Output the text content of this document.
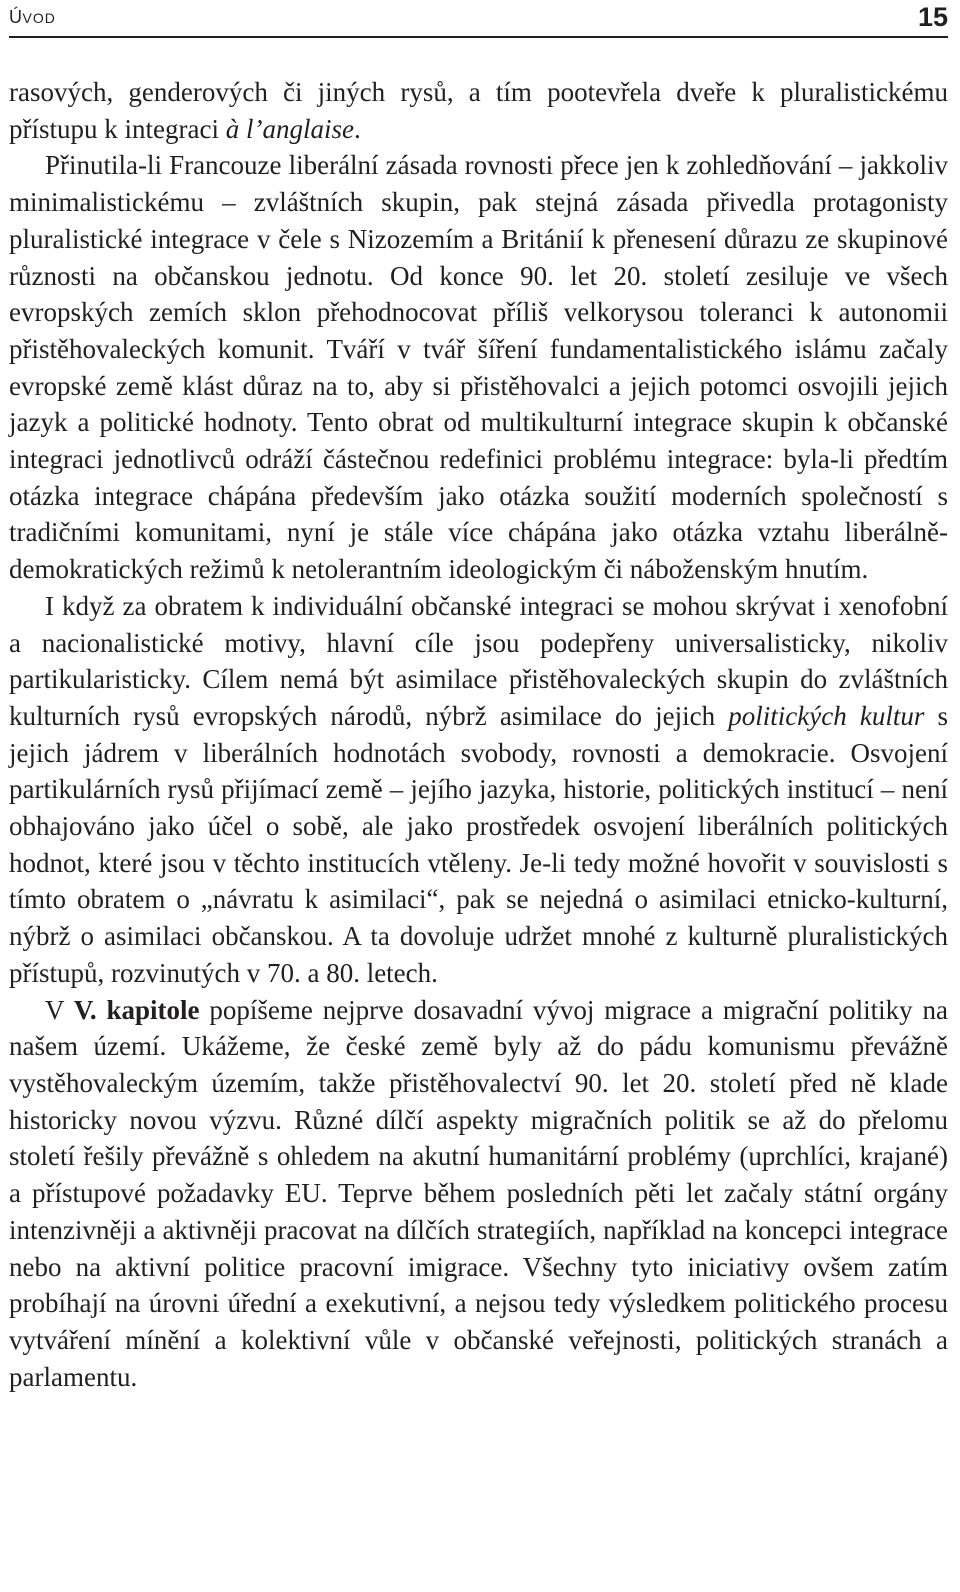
ÚVOD	15

rasových, genderových či jiných rysů, a tím pootevřela dveře k pluralistickému přístupu k integraci à l’anglaise.

Přinutila-li Francouze liberální zásada rovnosti přece jen k zohledňování – jakkoliv minimalistickému – zvláštních skupin, pak stejná zásada přivedla protagonisty pluralistické integrace v čele s Nizozemím a Británií k přenesení důrazu ze skupinové různosti na občanskou jednotu. Od konce 90. let 20. století zesiluje ve všech evropských zemích sklon přehodnocovat příliš velkorysou toleranci k autonomii přistěhovaleckých komunit. Tváří v tvář šíření fundamentalistického islámu začaly evropské země klást důraz na to, aby si přistěhovalci a jejich potomci osvojili jejich jazyk a politické hodnoty. Tento obrat od multikulturní integrace skupin k občanské integraci jednotlivců odráží částečnou redefinici problému integrace: byla-li předtím otázka integrace chápána především jako otázka soužití moderních společností s tradičními komunitami, nyní je stále více chápána jako otázka vztahu liberálně-demokratických režimů k netolerantním ideologickým či náboženským hnutím.

I když za obratem k individuální občanské integraci se mohou skrývat i xenofobní a nacionalistické motivy, hlavní cíle jsou podepřeny universalisticky, nikoliv partikularisticky. Cílem nemá být asimilace přistěhovaleckých skupin do zvláštních kulturních rysů evropských národů, nýbrž asimilace do jejich politických kultur s jejich jádrem v liberálních hodnotách svobody, rovnosti a demokracie. Osvojení partikulárních rysů přijímací země – jejího jazyka, historie, politických institucí – není obhajováno jako účel o sobě, ale jako prostředek osvojení liberálních politických hodnot, které jsou v těchto institucích vtěleny. Je-li tedy možné hovořit v souvislosti s tímto obratem o „návratu k asimilaci“, pak se nejedná o asimilaci etnicko-kulturní, nýbrž o asimilaci občanskou. A ta dovoluje udržet mnohé z kulturně pluralistických přístupů, rozvinutých v 70. a 80. letech.

V V. kapitole popíšeme nejprve dosavadní vývoj migrace a migrační politiky na našem území. Ukážeme, že české země byly až do pádu komunismu převážně vystěhovaleckým územím, takže přistěhovalectví 90. let 20. století před ně klade historicky novou výzvu. Různé dílčí aspekty migračních politik se až do přelomu století řešily převážně s ohledem na akutní humanitární problémy (uprchlíci, krajané) a přístupové požadavky EU. Teprve během posledních pěti let začaly státní orgány intenzivněji a aktivněji pracovat na dílčích strategiích, například na koncepci integrace nebo na aktivní politice pracovní imigrace. Všechny tyto iniciativy ovšem zatím probíhají na úrovni úřední a exekutivní, a nejsou tedy výsledkem politického procesu vytváření mínění a kolektivní vůle v občanské veřejnosti, politických stranách a parlamentu.
